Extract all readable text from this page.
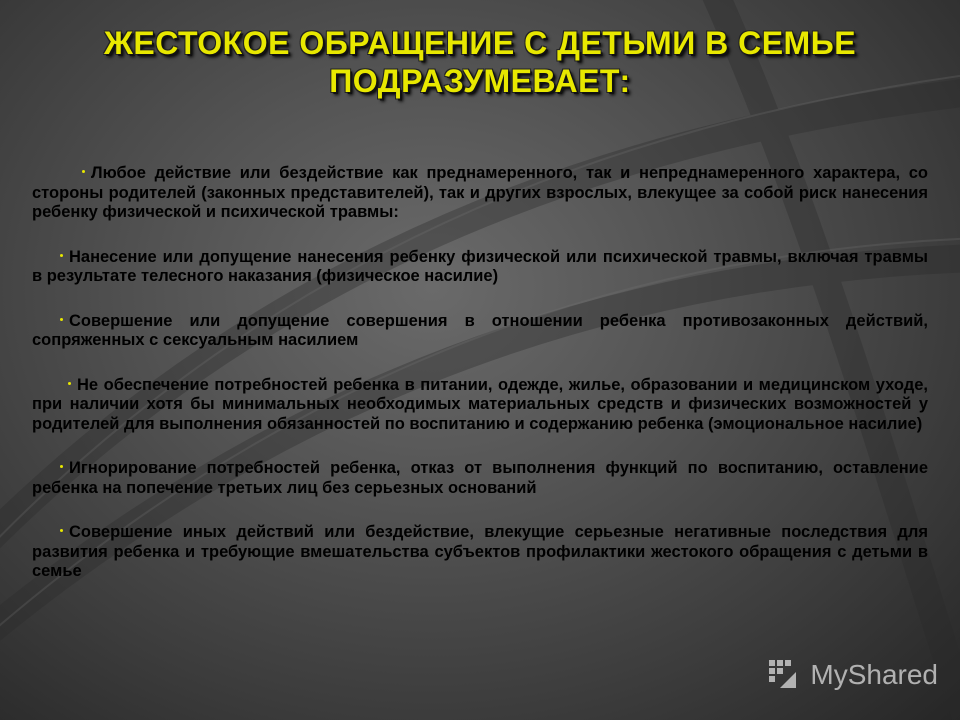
ЖЕСТОКОЕ ОБРАЩЕНИЕ С ДЕТЬМИ В СЕМЬЕ
ПОДРАЗУМЕВАЕТ:
Любое действие или бездействие как преднамеренного, так и непреднамеренного характера, со стороны родителей (законных представителей), так и других взрослых, влекущее за собой риск нанесения ребенку физической и психической травмы:
Нанесение или допущение нанесения ребенку физической или психической травмы, включая травмы в результате телесного наказания (физическое насилие)
Совершение или допущение совершения в отношении ребенка противозаконных действий, сопряженных с сексуальным насилием
Не обеспечение потребностей ребенка в питании, одежде, жилье, образовании и медицинском уходе, при наличии хотя бы минимальных необходимых материальных средств и физических возможностей у родителей для выполнения обязанностей по воспитанию и содержанию ребенка (эмоциональное насилие)
Игнорирование потребностей ребенка, отказ от выполнения функций по воспитанию, оставление ребенка на попечение третьих лиц без серьезных оснований
Совершение иных действий или бездействие, влекущие серьезные негативные последствия для развития ребенка и требующие вмешательства субъектов профилактики жестокого обращения с детьми в семье
MyShared
